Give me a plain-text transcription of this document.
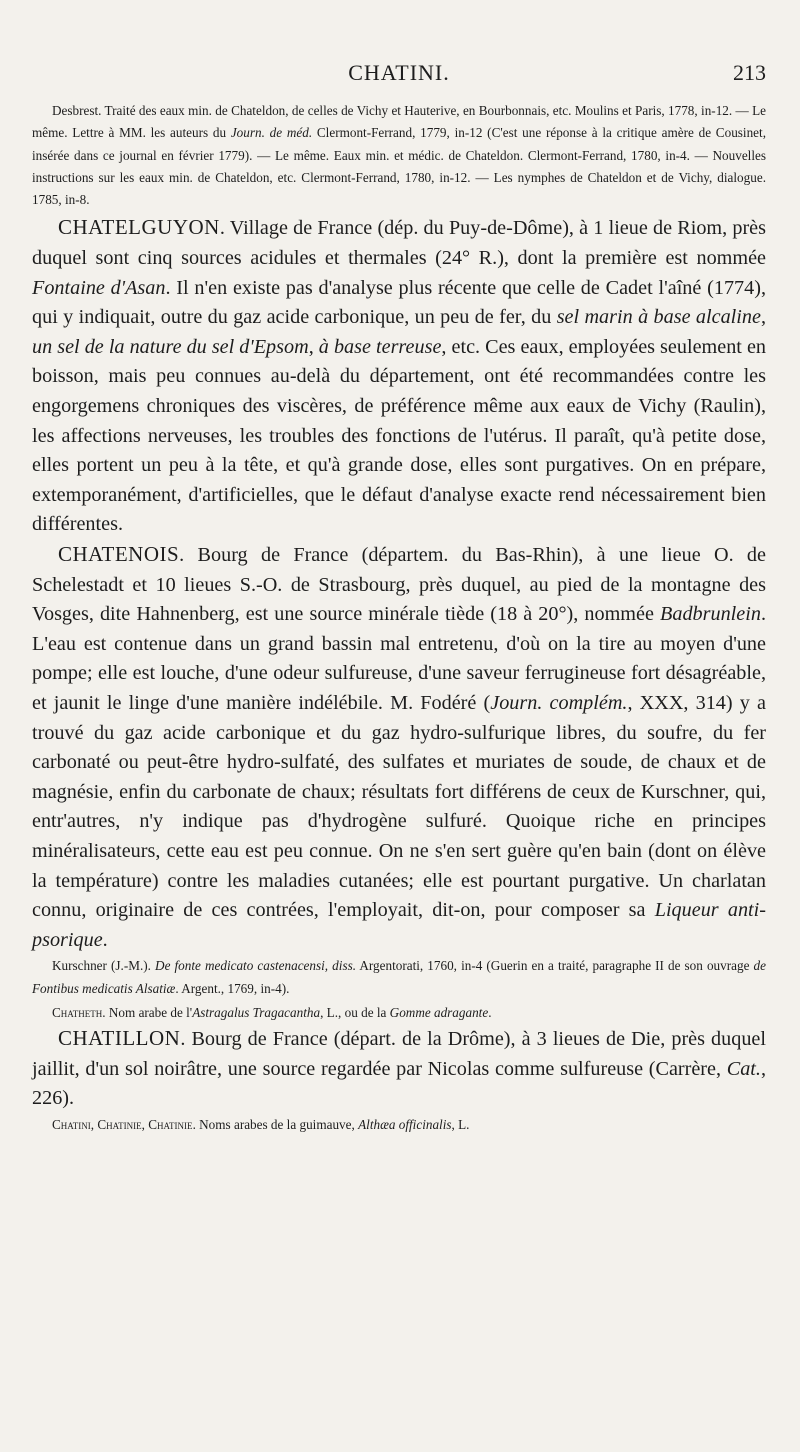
CHATINI.	213

Desbrest. Traité des eaux min. de Chateldon, de celles de Vichy et Hauterive, en Bourbonnais, etc. Moulins et Paris, 1778, in-12. — Le même. Lettre à MM. les auteurs du Journ. de méd. Clermont-Ferrand, 1779, in-12 (C'est une réponse à la critique amère de Cousinet, insérée dans ce journal en février 1779). — Le même. Eaux min. et médic. de Chateldon. Clermont-Ferrand, 1780, in-4. — Nouvelles instructions sur les eaux min. de Chateldon, etc. Clermont-Ferrand, 1780, in-12. — Les nymphes de Chateldon et de Vichy, dialogue. 1785, in-8.

CHATELGUYON. Village de France (dép. du Puy-de-Dôme), à 1 lieue de Riom, près duquel sont cinq sources acidules et thermales (24° R.), dont la première est nommée Fontaine d'Asan. Il n'en existe pas d'analyse plus récente que celle de Cadet l'aîné (1774), qui y indiquait, outre du gaz acide carbonique, un peu de fer, du sel marin à base alcaline, un sel de la nature du sel d'Epsom, à base terreuse, etc. Ces eaux, employées seulement en boisson, mais peu connues au-delà du département, ont été recommandées contre les engorgemens chroniques des viscères, de préférence même aux eaux de Vichy (Raulin), les affections nerveuses, les troubles des fonctions de l'utérus. Il paraît, qu'à petite dose, elles portent un peu à la tête, et qu'à grande dose, elles sont purgatives. On en prépare, extemporanément, d'artificielles, que le défaut d'analyse exacte rend nécessairement bien différentes.

CHATENOIS. Bourg de France (départem. du Bas-Rhin), à une lieue O. de Schelestadt et 10 lieues S.-O. de Strasbourg, près duquel, au pied de la montagne des Vosges, dite Hahnenberg, est une source minérale tiède (18 à 20°), nommée Badbrunlein. L'eau est contenue dans un grand bassin mal entretenu, d'où on la tire au moyen d'une pompe; elle est louche, d'une odeur sulfureuse, d'une saveur ferrugineuse fort désagréable, et jaunit le linge d'une manière indélébile. M. Fodéré (Journ. complém., XXX, 314) y a trouvé du gaz acide carbonique et du gaz hydro-sulfurique libres, du soufre, du fer carbonaté ou peut-être hydro-sulfaté, des sulfates et muriates de soude, de chaux et de magnésie, enfin du carbonate de chaux; résultats fort différens de ceux de Kurschner, qui, entr'autres, n'y indique pas d'hydrogène sulfuré. Quoique riche en principes minéralisateurs, cette eau est peu connue. On ne s'en sert guère qu'en bain (dont on élève la température) contre les maladies cutanées; elle est pourtant purgative. Un charlatan connu, originaire de ces contrées, l'employait, dit-on, pour composer sa Liqueur anti-psorique.

Kurschner (J.-M.). De fonte medicato castenacensi, diss. Argentorati, 1760, in-4 (Guerin en a traité, paragraphe II de son ouvrage de Fontibus medicatis Alsatiæ. Argent., 1769, in-4).

Chatheth. Nom arabe de l'Astragalus Tragacantha, L., ou de la Gomme adragante.

CHATILLON. Bourg de France (départ. de la Drôme), à 3 lieues de Die, près duquel jaillit, d'un sol noirâtre, une source regardée par Nicolas comme sulfureuse (Carrère, Cat., 226).

Chatini, Chatinie, Chatinie. Noms arabes de la guimauve, Althæa officinalis, L.
